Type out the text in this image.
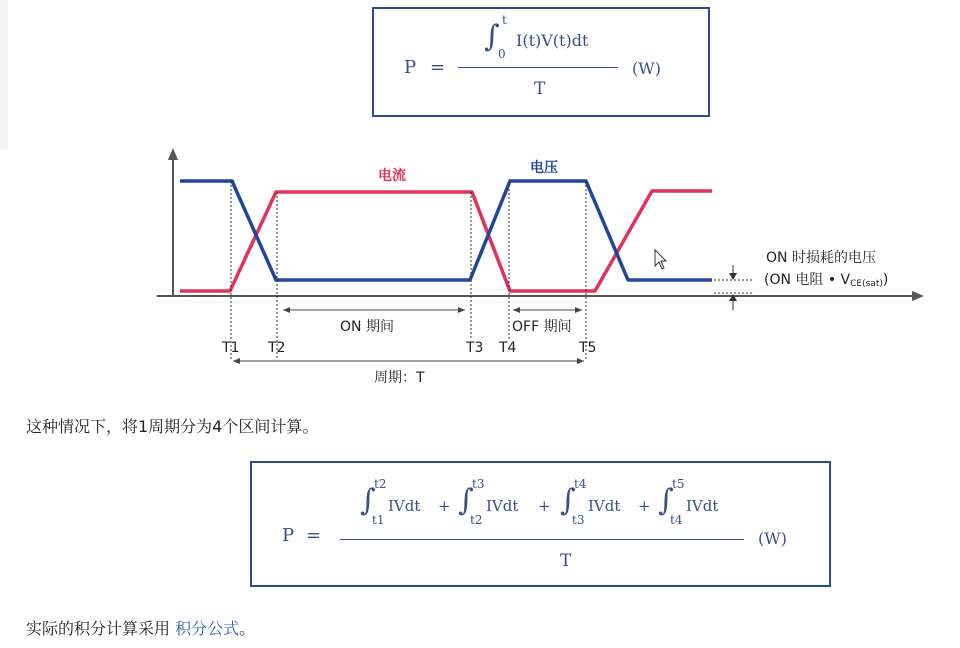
P =
∫ t
0
I(t)V(t)dt
T
(W)
电流	电压
ON 期间	OFF 期间
T1 T2	T3 T4	T5
周期：T
ON 时损耗的电压
(ON 电阻 • VCE(sat))
这种情况下，将1周期分为4个区间计算。
P =
∫
t2
t1
IVdt + ∫
t3
t2
IVdt + ∫
t4
t3
IVdt + ∫
t5
t4
IVdt
T
(W)
实际的积分计算采用 积分公式。
